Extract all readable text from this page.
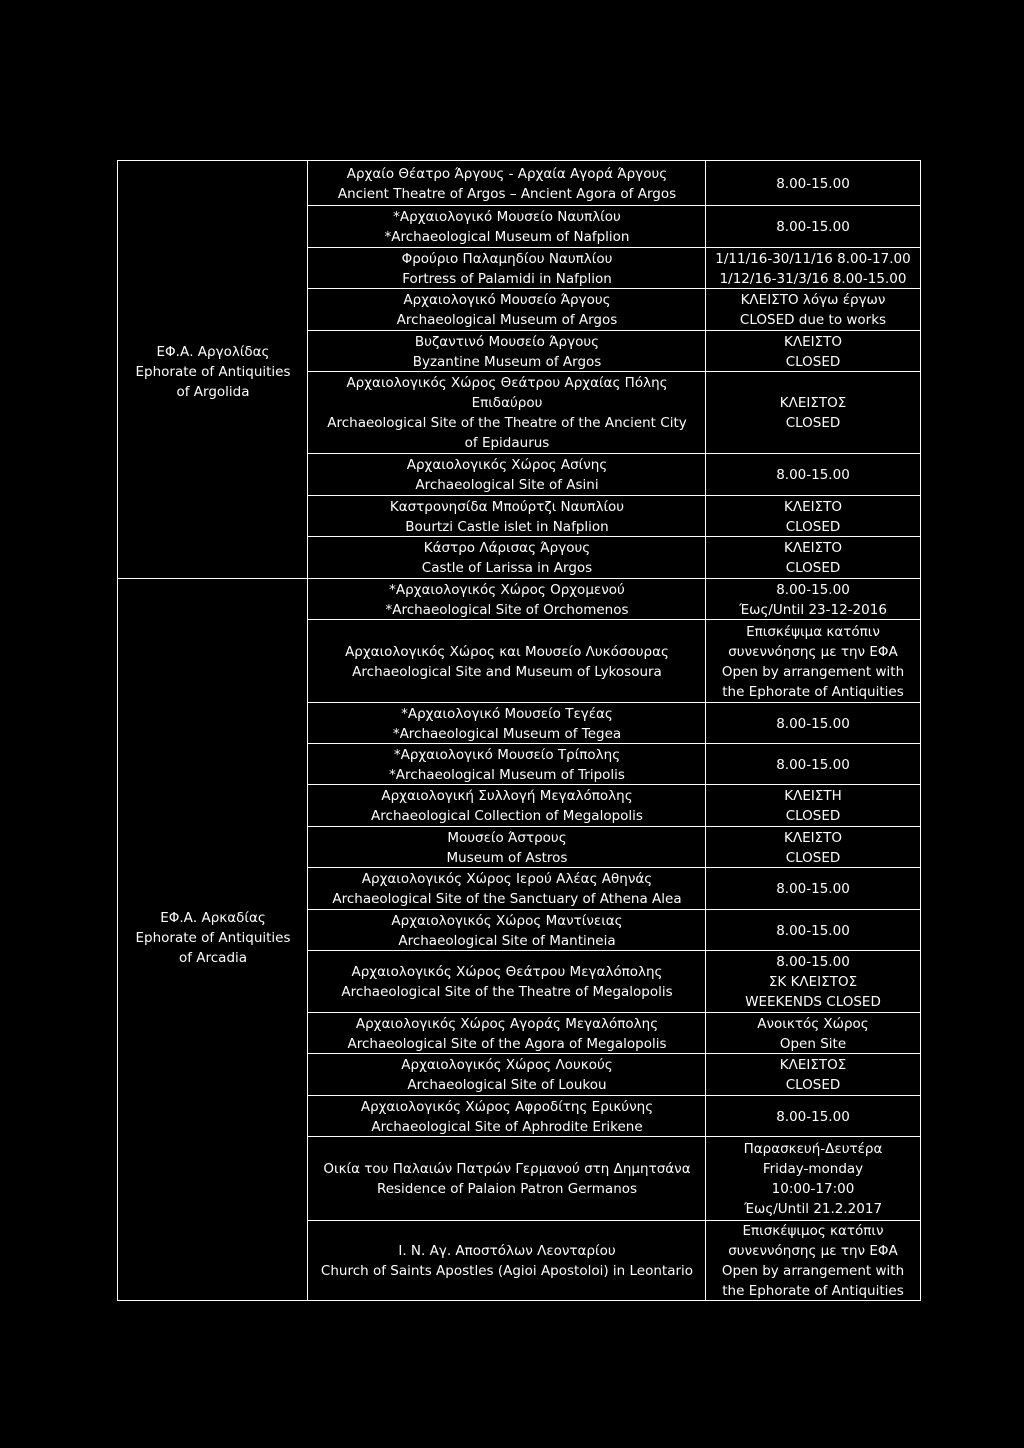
ΕΦ.Α. Αργολίδας
Ephorate of Antiquities
of Argolida
ΕΦ.Α. Αρκαδίας
Ephorate of Antiquities
of Arcadia
Αρχαίο Θέατρο Άργους - Αρχαία Αγορά Άργους
Ancient Theatre of Argos – Ancient Agora of Argos
8.00-15.00
*Αρχαιολογικό Μουσείο Ναυπλίου
*Archaeological Museum of Nafplion
8.00-15.00
Φρούριο Παλαμηδίου Ναυπλίου
Fortress of Palamidi in Nafplion
1/11/16-30/11/16 8.00-17.00
1/12/16-31/3/16 8.00-15.00
Αρχαιολογικό Μουσείο Άργους
Archaeological Museum of Argos
ΚΛΕΙΣΤΟ λόγω έργων
CLOSED due to works
Βυζαντινό Μουσείο Άργους
Byzantine Museum of Argos
ΚΛΕΙΣΤΟ
CLOSED
Αρχαιολογικός Χώρος Θεάτρου Αρχαίας Πόλης
Επιδαύρου
Archaeological Site of the Theatre of the Ancient City
of Epidaurus
ΚΛΕΙΣΤΟΣ
CLOSED
Αρχαιολογικός Χώρος Ασίνης
Archaeological Site of Asini
8.00-15.00
Καστρονησίδα Μπούρτζι Ναυπλίου
Bourtzi Castle islet in Nafplion
ΚΛΕΙΣΤΟ
CLOSED
Κάστρο Λάρισας Άργους
Castle of Larissa in Argos
ΚΛΕΙΣΤΟ
CLOSED
*Αρχαιολογικός Χώρος Ορχομενού
*Archaeological Site of Orchomenos
8.00-15.00
Έως/Until 23-12-2016
Αρχαιολογικός Χώρος και Μουσείο Λυκόσουρας
Archaeological Site and Museum of Lykosoura
Επισκέψιμα κατόπιν
συνεννόησης με την ΕΦΑ
Open by arrangement with
the Ephorate of Antiquities
*Αρχαιολογικό Μουσείο Τεγέας
*Archaeological Museum of Tegea
8.00-15.00
*Αρχαιολογικό Μουσείο Τρίπολης
*Archaeological Museum of Tripolis
8.00-15.00
Αρχαιολογική Συλλογή Μεγαλόπολης
Archaeological Collection of Megalopolis
ΚΛΕΙΣΤΗ
CLOSED
Μουσείο Άστρους
Museum of Astros
ΚΛΕΙΣΤΟ
CLOSED
Αρχαιολογικός Χώρος Ιερού Αλέας Αθηνάς
Archaeological Site of the Sanctuary of Athena Alea
8.00-15.00
Αρχαιολογικός Χώρος Μαντίνειας
Archaeological Site of Mantineia
8.00-15.00
Αρχαιολογικός Χώρος Θεάτρου Μεγαλόπολης
Archaeological Site of the Theatre of Megalopolis
8.00-15.00
ΣΚ ΚΛΕΙΣΤΟΣ
WEEKENDS CLOSED
Αρχαιολογικός Χώρος Αγοράς Μεγαλόπολης
Archaeological Site of the Agora of Megalopolis
Ανοικτός Χώρος
Open Site
Αρχαιολογικός Χώρος Λουκούς
Archaeological Site of Loukou
ΚΛΕΙΣΤΟΣ
CLOSED
Αρχαιολογικός Χώρος Αφροδίτης Ερικύνης
Archaeological Site of Aphrodite Erikene
8.00-15.00
Οικία του Παλαιών Πατρών Γερμανού στη Δημητσάνα
Residence of Palaion Patron Germanos
Παρασκευή-Δευτέρα
Friday-monday
10:00-17:00
Έως/Until 21.2.2017
Ι. Ν. Αγ. Αποστόλων Λεονταρίου
Church of Saints Apostles (Agioi Apostoloi) in Leontario
Επισκέψιμος κατόπιν
συνεννόησης με την ΕΦΑ
Open by arrangement with
the Ephorate of Antiquities
